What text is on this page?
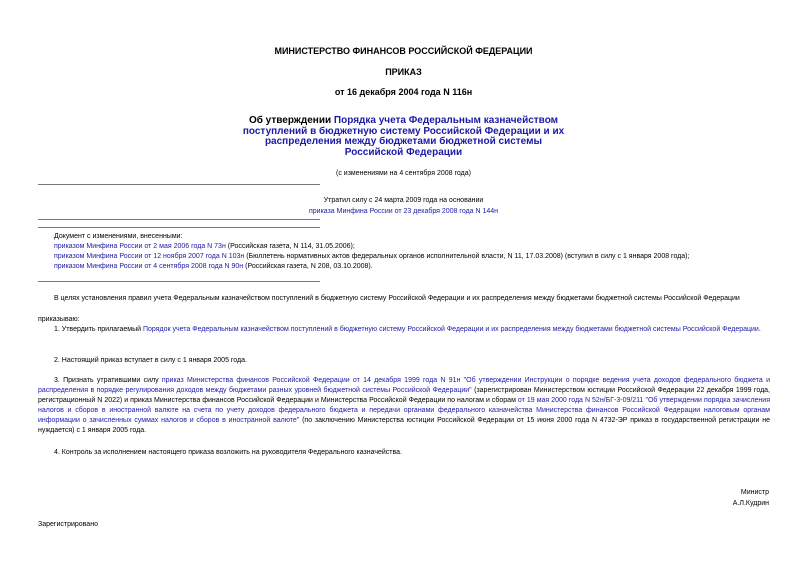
МИНИСТЕРСТВО ФИНАНСОВ РОССИЙСКОЙ ФЕДЕРАЦИИ
ПРИКАЗ
от 16 декабря 2004 года N 116н
Об утверждении Порядка учета Федеральным казначейством поступлений в бюджетную систему Российской Федерации и их распределения между бюджетами бюджетной системы Российской Федерации
(с изменениями на 4 сентября 2008 года)
Утратил силу с 24 марта 2009 года на основании
приказа Минфина России от 23 декабря 2008 года N 144н
Документ с изменениями, внесенными:
приказом Минфина России от 2 мая 2006 года N 73н (Российская газета, N 114, 31.05.2006);
приказом Минфина России от 12 ноября 2007 года N 103н (Бюллетень нормативных актов федеральных органов исполнительной власти, N 11, 17.03.2008) (вступил в силу с 1 января 2008 года);
приказом Минфина России от 4 сентября 2008 года N 90н (Российская газета, N 208, 03.10.2008).
В целях установления правил учета Федеральным казначейством поступлений в бюджетную систему Российской Федерации и их распределения между бюджетами бюджетной системы Российской Федерации
приказываю:
1. Утвердить прилагаемый Порядок учета Федеральным казначейством поступлений в бюджетную систему Российской Федерации и их распределения между бюджетами бюджетной системы Российской Федерации.
2. Настоящий приказ вступает в силу с 1 января 2005 года.
3. Признать утратившими силу приказ Министерства финансов Российской Федерации от 14 декабря 1999 года N 91н "Об утверждении Инструкции о порядке ведения учета доходов федерального бюджета и распределения в порядке регулирования доходов между бюджетами разных уровней бюджетной системы Российской Федерации" (зарегистрирован Министерством юстиции Российской Федерации 22 декабря 1999 года, регистрационный N 2022) и приказ Министерства финансов Российской Федерации и Министерства Российской Федерации по налогам и сборам от 19 мая 2000 года N 52н/БГ-3-09/211 "Об утверждении порядка зачисления налогов и сборов в иностранной валюте на счета по учету доходов федерального бюджета и передачи органами федерального казначейства Министерства финансов Российской Федерации налоговым органам информации о зачисленных суммах налогов и сборов в иностранной валюте" (по заключению Министерства юстиции Российской Федерации от 15 июня 2000 года N 4732-ЭР приказ в государственной регистрации не нуждается) с 1 января 2005 года.
4. Контроль за исполнением настоящего приказа возложить на руководителя Федерального казначейства.
Министр
А.Л.Кудрин
Зарегистрировано
